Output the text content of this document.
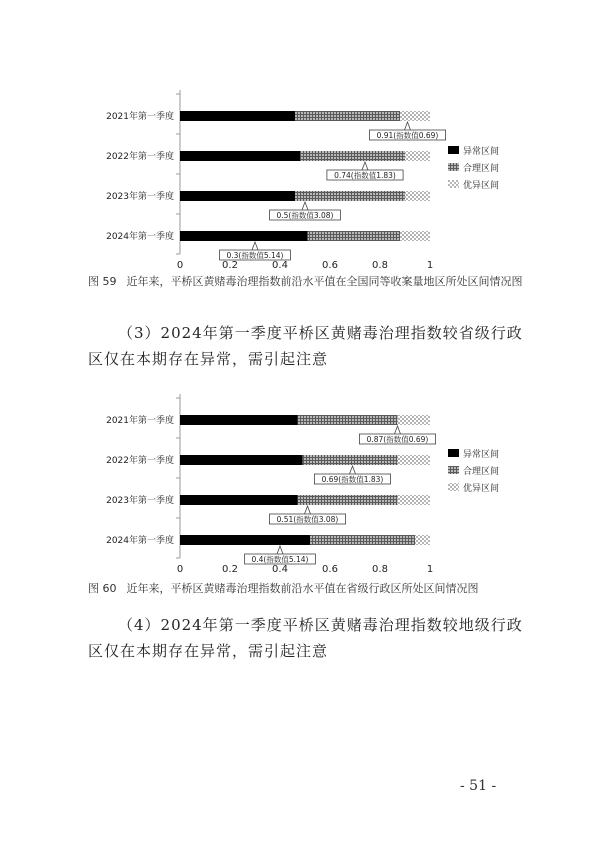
2021年第一季度
0.91(指数值0.69)
2022年第一季度
0.74(指数值1.83)
2023年第一季度
0.5(指数值3.08)
2024年第一季度
0.3(指数值5.14)
0	0.2	0.4	0.6	0.8	1
异常区间
合理区间
优异区间
图 59 近年来，平桥区黄赌毒治理指数前沿水平值在全国同等收案量地区所处区间情况图
（3）2024年第一季度平桥区黄赌毒治理指数较省级行政区仅在本期存在异常，需引起注意
2021年第一季度
0.87(指数值0.69)
2022年第一季度
0.69(指数值1.83)
2023年第一季度
0.51(指数值3.08)
2024年第一季度
0.4(指数值5.14)
0	0.2	0.4	0.6	0.8	1
异常区间
合理区间
优异区间
图 60 近年来，平桥区黄赌毒治理指数前沿水平值在省级行政区所处区间情况图
（4）2024年第一季度平桥区黄赌毒治理指数较地级行政区仅在本期存在异常，需引起注意
- 51 -
